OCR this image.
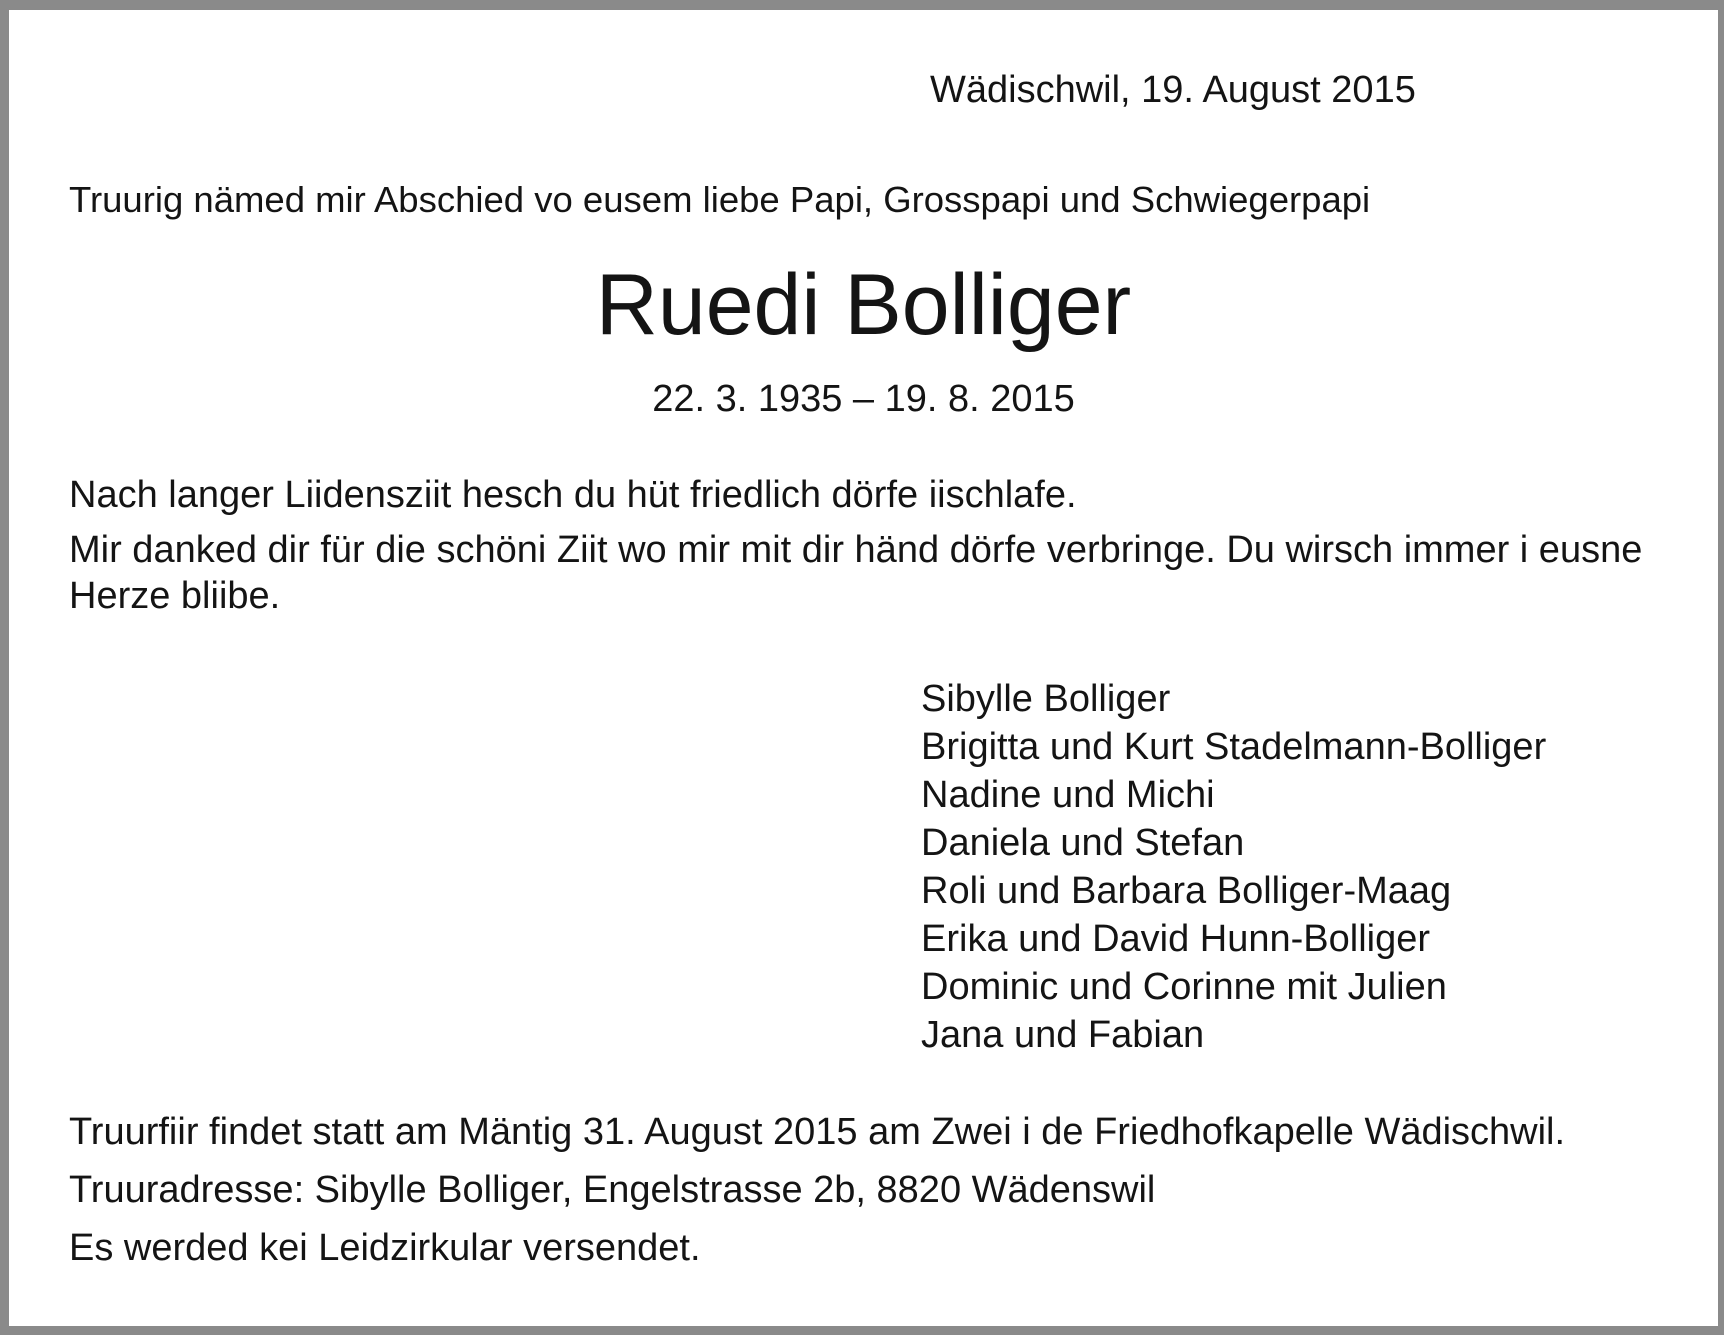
Wädischwil, 19. August 2015

Truurig nämed mir Abschied vo eusem liebe Papi, Grosspapi und Schwiegerpapi

Ruedi Bolliger

22. 3. 1935 – 19. 8. 2015

Nach langer Liidensziit hesch du hüt friedlich dörfe iischlafe.

Mir danked dir für die schöni Ziit wo mir mit dir händ dörfe verbringe. Du wirsch immer i eusne Herze bliibe.

Sibylle Bolliger
Brigitta und Kurt Stadelmann-Bolliger
Nadine und Michi
Daniela und Stefan
Roli und Barbara Bolliger-Maag
Erika und David Hunn-Bolliger
Dominic und Corinne mit Julien
Jana und Fabian

Truurfiir findet statt am Mäntig 31. August 2015 am Zwei i de Friedhofkapelle Wädischwil.

Truuradresse: Sibylle Bolliger, Engelstrasse 2b, 8820 Wädenswil

Es werded kei Leidzirkular versendet.
